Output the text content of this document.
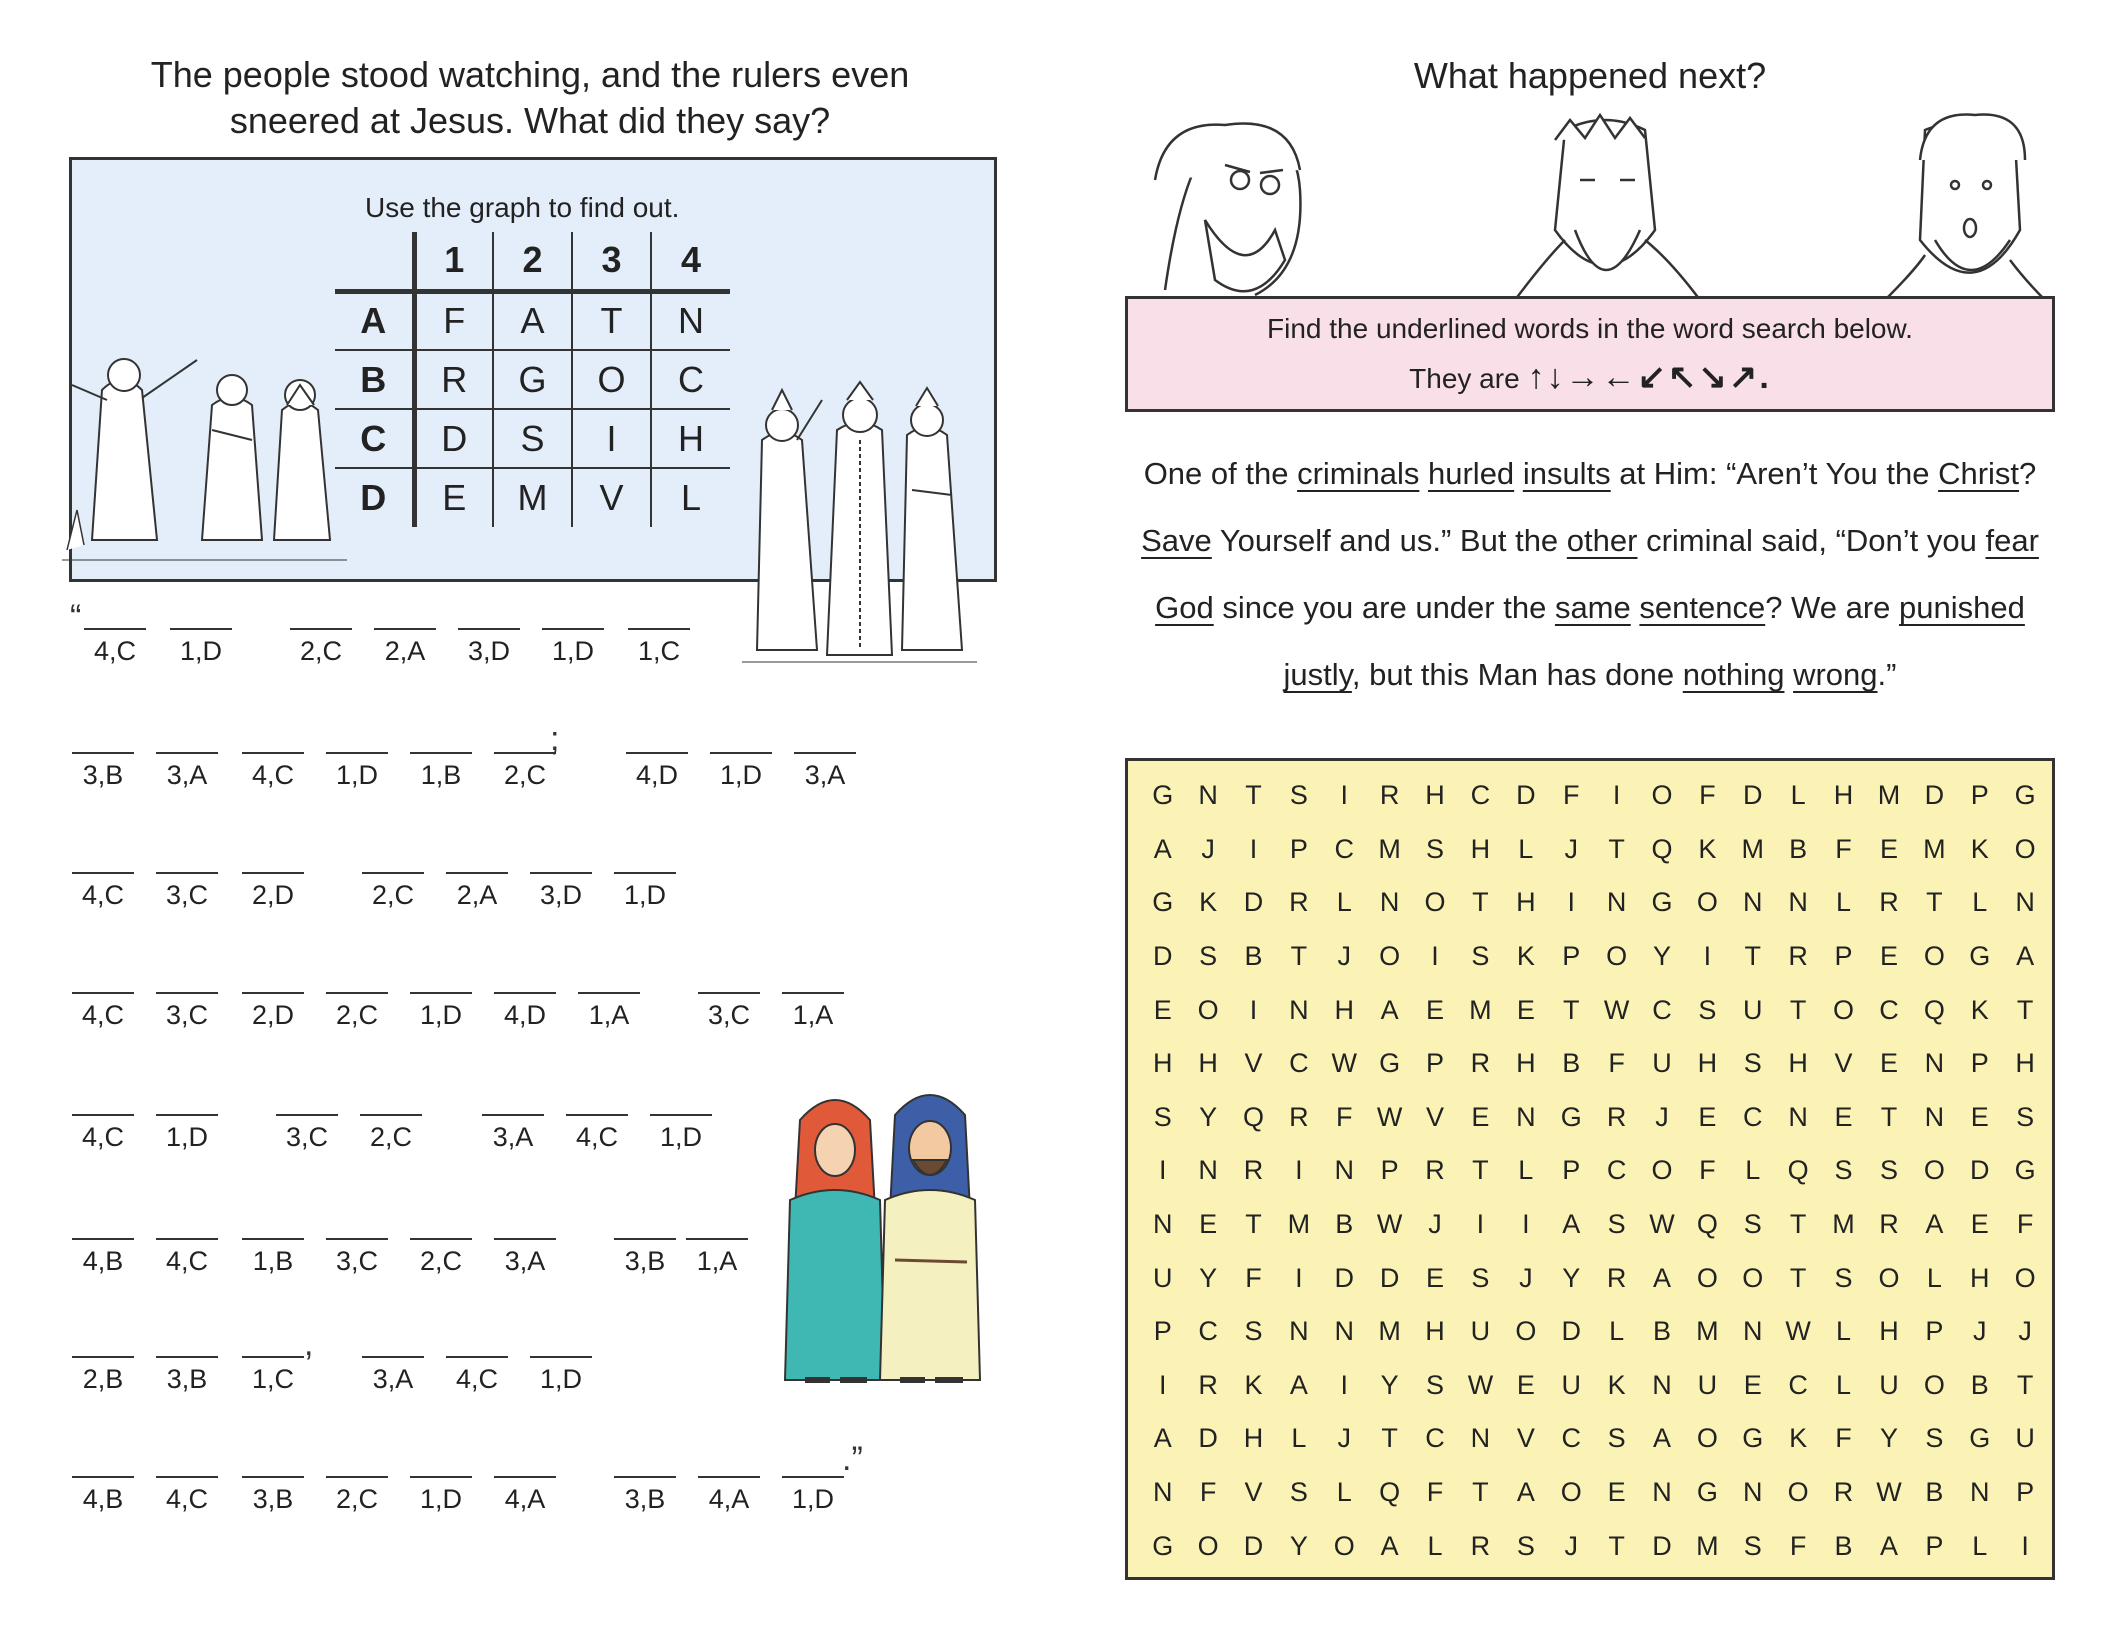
The people stood watching, and the rulers even
sneered at Jesus. What did they say?
Use the graph to find out.
	1	2	3	4
A	F	A	T	N
B	R	G	O	C
C	D	S	I	H
D	E	M	V	L
“
;
,
.”
4,C	1,D	2,C	2,A	3,D	1,D	1,C
3,B	3,A	4,C	1,D	1,B	2,C	4,D	1,D	3,A
4,C	3,C	2,D	2,C	2,A	3,D	1,D
4,C	3,C	2,D	2,C	1,D	4,D	1,A	3,C	1,A
4,C	1,D	3,C	2,C	3,A	4,C	1,D
4,B	4,C	1,B	3,C	2,C	3,A	3,B	1,A
2,B	3,B	1,C	3,A	4,C	1,D
4,B	4,C	3,B	2,C	1,D	4,A	3,B	4,A	1,D
What happened next?
Find the underlined words in the word search below.
They are ↑↓→←↙↖↘↗.
One of the criminals hurled insults at Him: “Aren’t You the Christ? Save Yourself and us.” But the other criminal said, “Don’t you fear God since you are under the same sentence? We are punished justly, but this Man has done nothing wrong.”
G	N	T	S	I	R	H	C	D	F	I	O	F	D	L	H	M	D	P	G
A	J	I	P	C	M	S	H	L	J	T	Q	K	M	B	F	E	M	K	O
G	K	D	R	L	N	O	T	H	I	N	G	O	N	N	L	R	T	L	N
D	S	B	T	J	O	I	S	K	P	O	Y	I	T	R	P	E	O	G	A
E	O	I	N	H	A	E	M	E	T	W	C	S	U	T	O	C	Q	K	T
H	H	V	C	W	G	P	R	H	B	F	U	H	S	H	V	E	N	P	H
S	Y	Q	R	F	W	V	E	N	G	R	J	E	C	N	E	T	N	E	S
I	N	R	I	N	P	R	T	L	P	C	O	F	L	Q	S	S	O	D	G
N	E	T	M	B	W	J	I	I	A	S	W	Q	S	T	M	R	A	E	F
U	Y	F	I	D	D	E	S	J	Y	R	A	O	O	T	S	O	L	H	O
P	C	S	N	N	M	H	U	O	D	L	B	M	N	W	L	H	P	J	J
I	R	K	A	I	Y	S	W	E	U	K	N	U	E	C	L	U	O	B	T
A	D	H	L	J	T	C	N	V	C	S	A	O	G	K	F	Y	S	G	U
N	F	V	S	L	Q	F	T	A	O	E	N	G	N	O	R	W	B	N	P
G	O	D	Y	O	A	L	R	S	J	T	D	M	S	F	B	A	P	L	I
